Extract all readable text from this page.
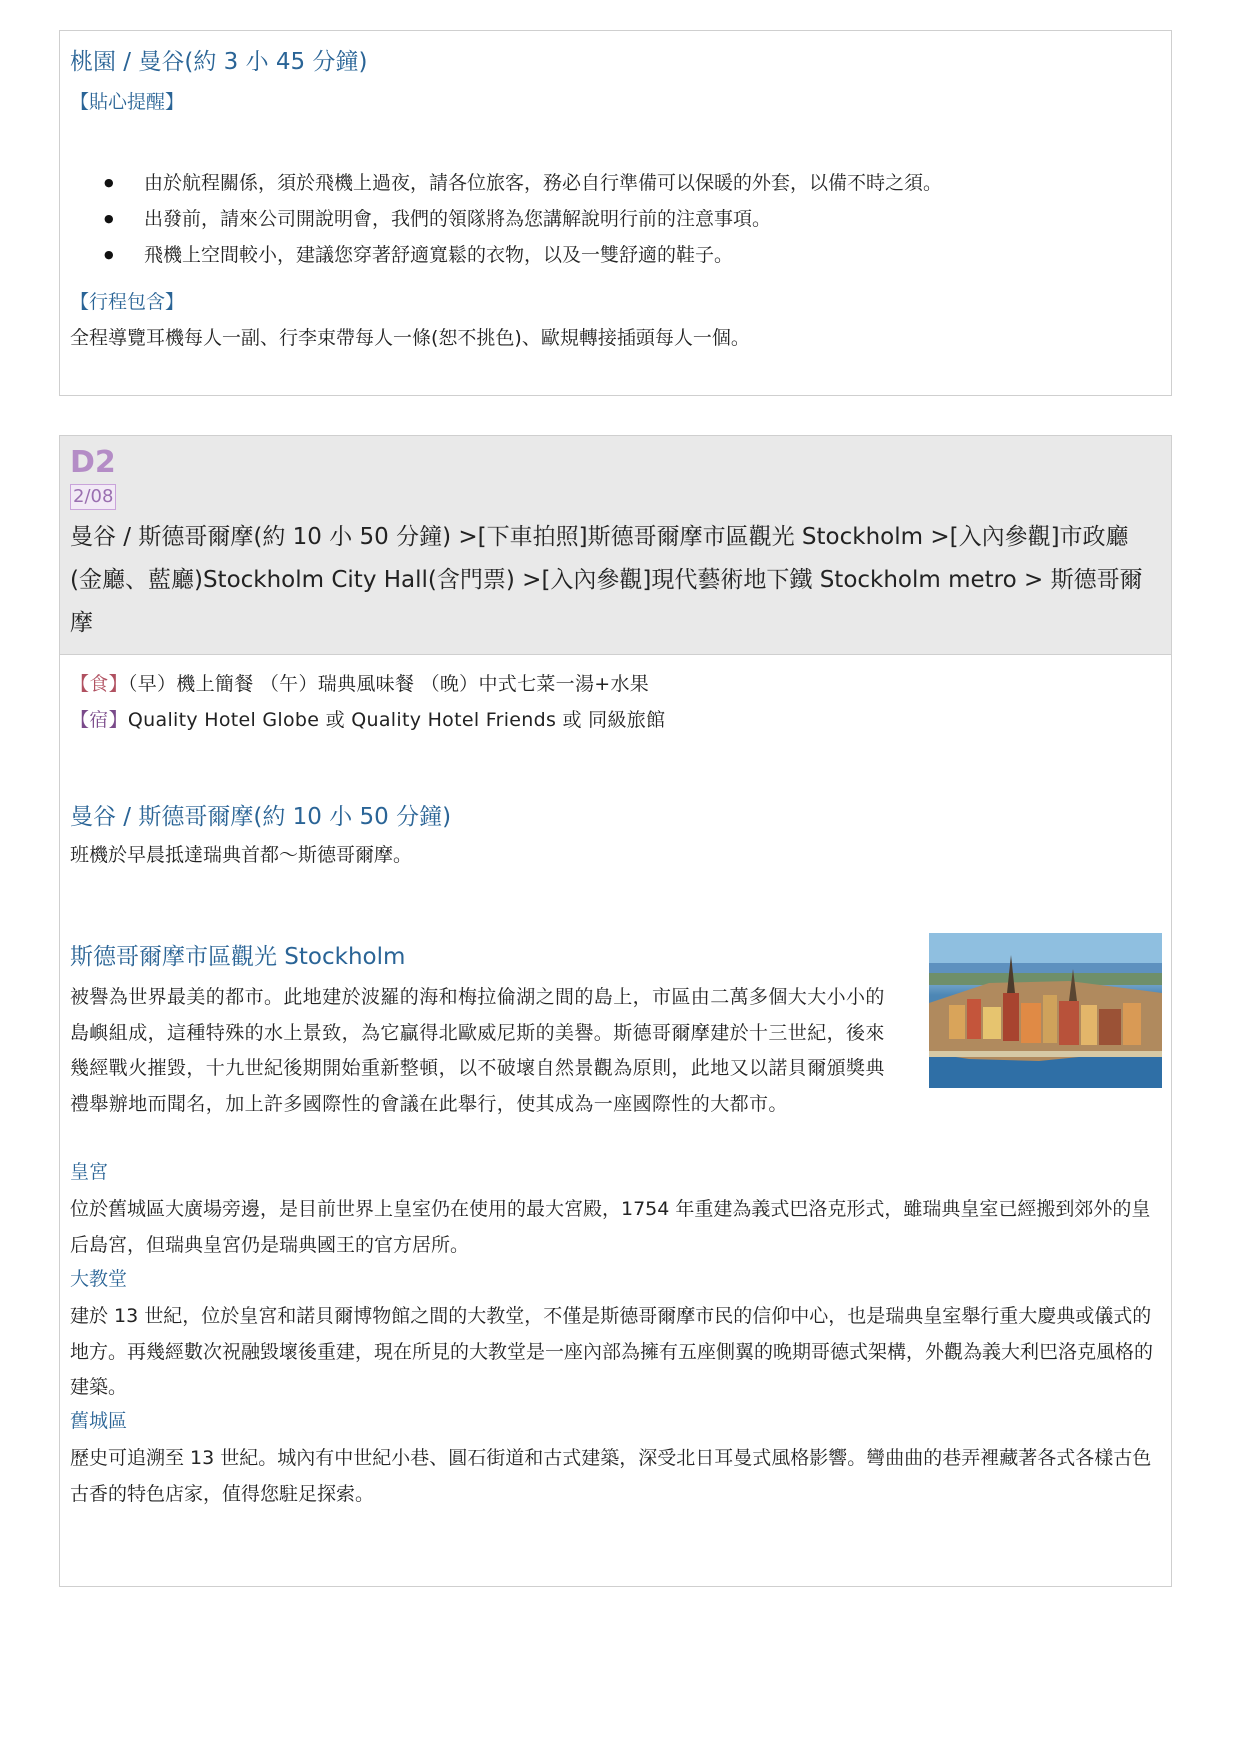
桃園 / 曼谷(約 3 小 45 分鐘)
【貼心提醒】
● 由於航程關係，須於飛機上過夜，請各位旅客，務必自行準備可以保暖的外套，以備不時之須。
● 出發前，請來公司開說明會，我們的領隊將為您講解說明行前的注意事項。
● 飛機上空間較小，建議您穿著舒適寬鬆的衣物，以及一雙舒適的鞋子。
【行程包含】
全程導覽耳機每人一副、行李束帶每人一條(恕不挑色)、歐規轉接插頭每人一個。
D2
2/08
曼谷 / 斯德哥爾摩(約 10 小 50 分鐘) >[下車拍照]斯德哥爾摩市區觀光 Stockholm >[入內參觀]市政廳(金廳、藍廳)Stockholm City Hall(含門票) >[入內參觀]現代藝術地下鐵 Stockholm metro > 斯德哥爾摩
【食】（早）機上簡餐 （午）瑞典風味餐 （晚）中式七菜一湯+水果
【宿】Quality Hotel Globe 或 Quality Hotel Friends 或 同級旅館
曼谷 / 斯德哥爾摩(約 10 小 50 分鐘)
班機於早晨抵達瑞典首都～斯德哥爾摩。
斯德哥爾摩市區觀光 Stockholm
被譽為世界最美的都市。此地建於波羅的海和梅拉倫湖之間的島上，市區由二萬多個大大小小的島嶼組成，這種特殊的水上景致，為它贏得北歐威尼斯的美譽。斯德哥爾摩建於十三世紀，後來幾經戰火摧毀，十九世紀後期開始重新整頓，以不破壞自然景觀為原則，此地又以諾貝爾頒獎典禮舉辦地而聞名，加上許多國際性的會議在此舉行，使其成為一座國際性的大都市。
皇宮
位於舊城區大廣場旁邊，是目前世界上皇室仍在使用的最大宮殿，1754 年重建為義式巴洛克形式，雖瑞典皇室已經搬到郊外的皇后島宮，但瑞典皇宮仍是瑞典國王的官方居所。
大教堂
建於 13 世紀，位於皇宮和諾貝爾博物館之間的大教堂，不僅是斯德哥爾摩市民的信仰中心，也是瑞典皇室舉行重大慶典或儀式的地方。再幾經數次祝融毀壞後重建，現在所見的大教堂是一座內部為擁有五座側翼的晚期哥德式架構，外觀為義大利巴洛克風格的建築。
舊城區
歷史可追溯至 13 世紀。城內有中世紀小巷、圓石街道和古式建築，深受北日耳曼式風格影響。彎曲曲的巷弄裡藏著各式各樣古色古香的特色店家，值得您駐足探索。
